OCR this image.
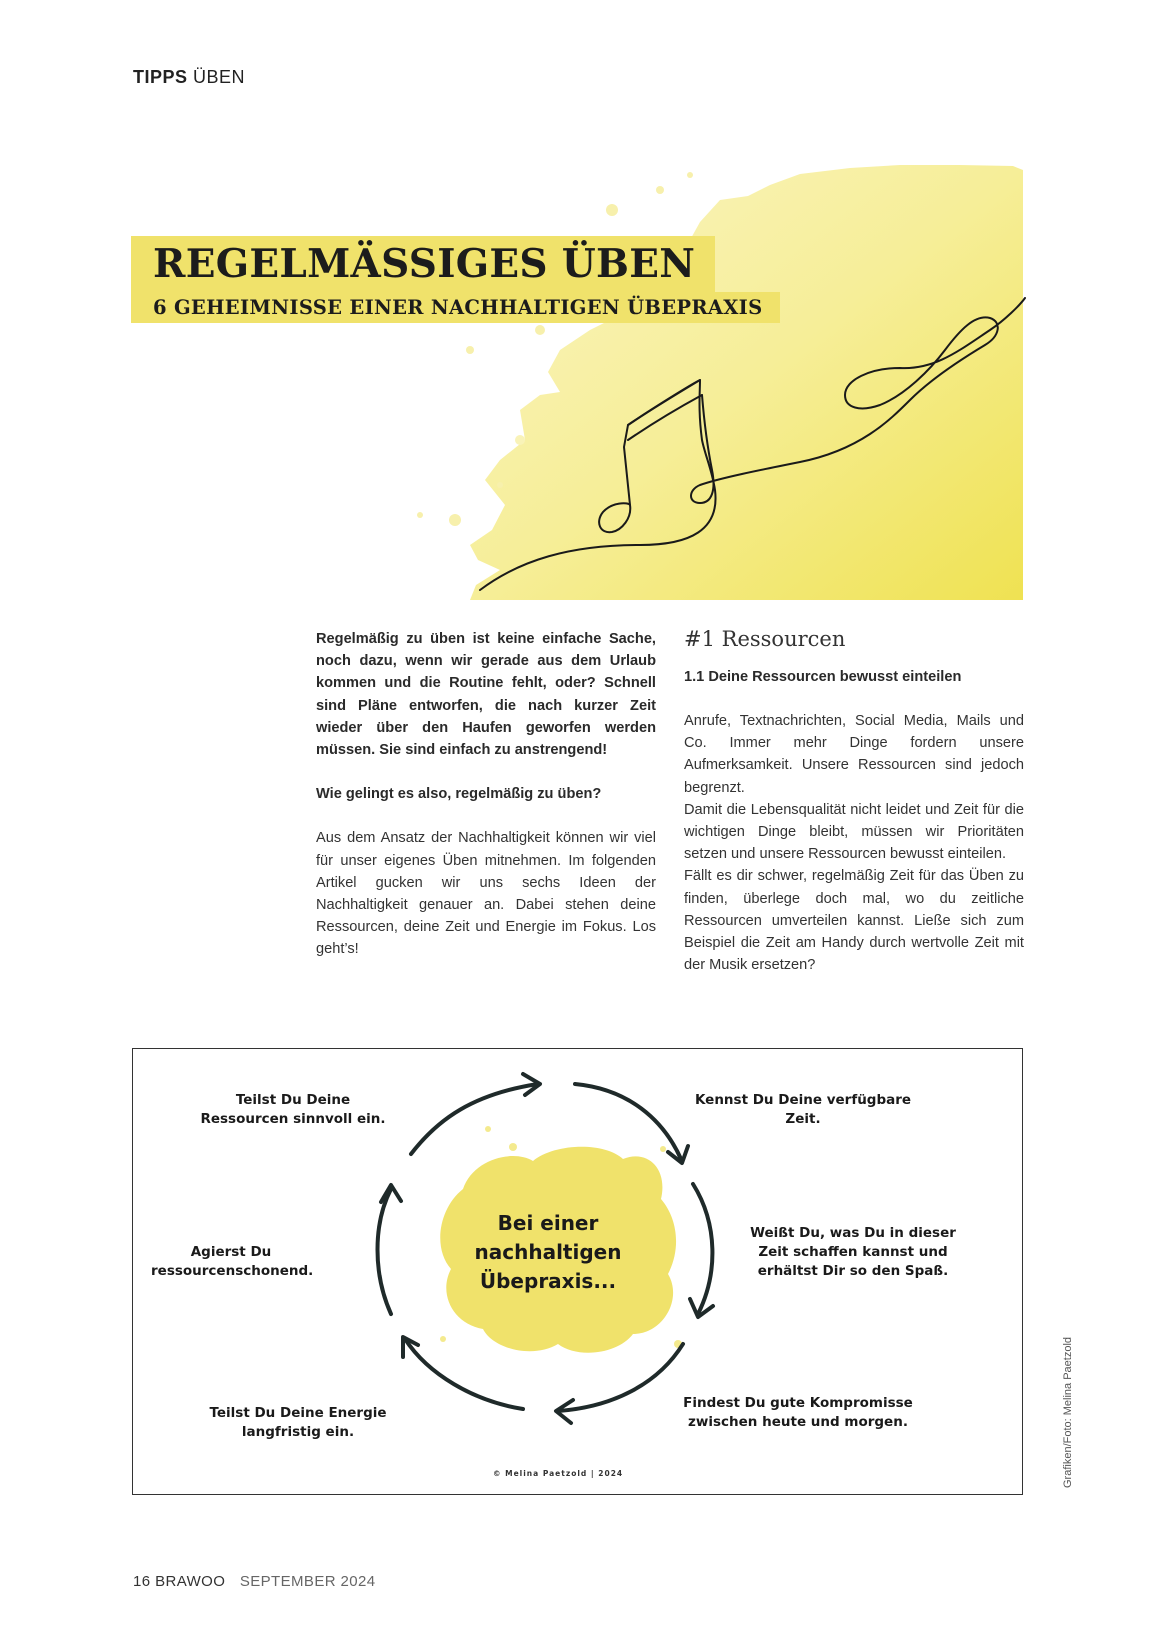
TIPPS ÜBEN
REGELMÄSSIGES ÜBEN
6 GEHEIMNISSE EINER NACHHALTIGEN ÜBEPRAXIS

Regelmäßig zu üben ist keine einfache Sache, noch dazu, wenn wir gerade aus dem Urlaub kommen und die Routine fehlt, oder? Schnell sind Pläne entworfen, die nach kurzer Zeit wieder über den Haufen geworfen werden müssen. Sie sind einfach zu anstrengend!

Wie gelingt es also, regelmäßig zu üben?

Aus dem Ansatz der Nachhaltigkeit können wir viel für unser eigenes Üben mitnehmen. Im folgenden Artikel gucken wir uns sechs Ideen der Nachhaltigkeit genauer an. Dabei stehen deine Ressourcen, deine Zeit und Energie im Fokus. Los geht’s!

#1 Ressourcen
1.1 Deine Ressourcen bewusst einteilen

Anrufe, Textnachrichten, Social Media, Mails und Co. Immer mehr Dinge fordern unsere Aufmerksamkeit. Unsere Ressourcen sind jedoch begrenzt.

Damit die Lebensqualität nicht leidet und Zeit für die wichtigen Dinge bleibt, müssen wir Prioritäten setzen und unsere Ressourcen bewusst einteilen.

Fällt es dir schwer, regelmäßig Zeit für das Üben zu finden, überlege doch mal, wo du zeitliche Ressourcen umverteilen kannst. Ließe sich zum Beispiel die Zeit am Handy durch wertvolle Zeit mit der Musik ersetzen?

Bei einer nachhaltigen Übepraxis...
Teilst Du Deine Ressourcen sinnvoll ein.
Kennst Du Deine verfügbare Zeit.
Weißt Du, was Du in dieser Zeit schaffen kannst und erhältst Dir so den Spaß.
Findest Du gute Kompromisse zwischen heute und morgen.
Teilst Du Deine Energie langfristig ein.
Agierst Du ressourcenschonend.
© Melina Paetzold | 2024	Grafiken/Foto: Melina Paetzold
16 BRAWOO SEPTEMBER 2024
